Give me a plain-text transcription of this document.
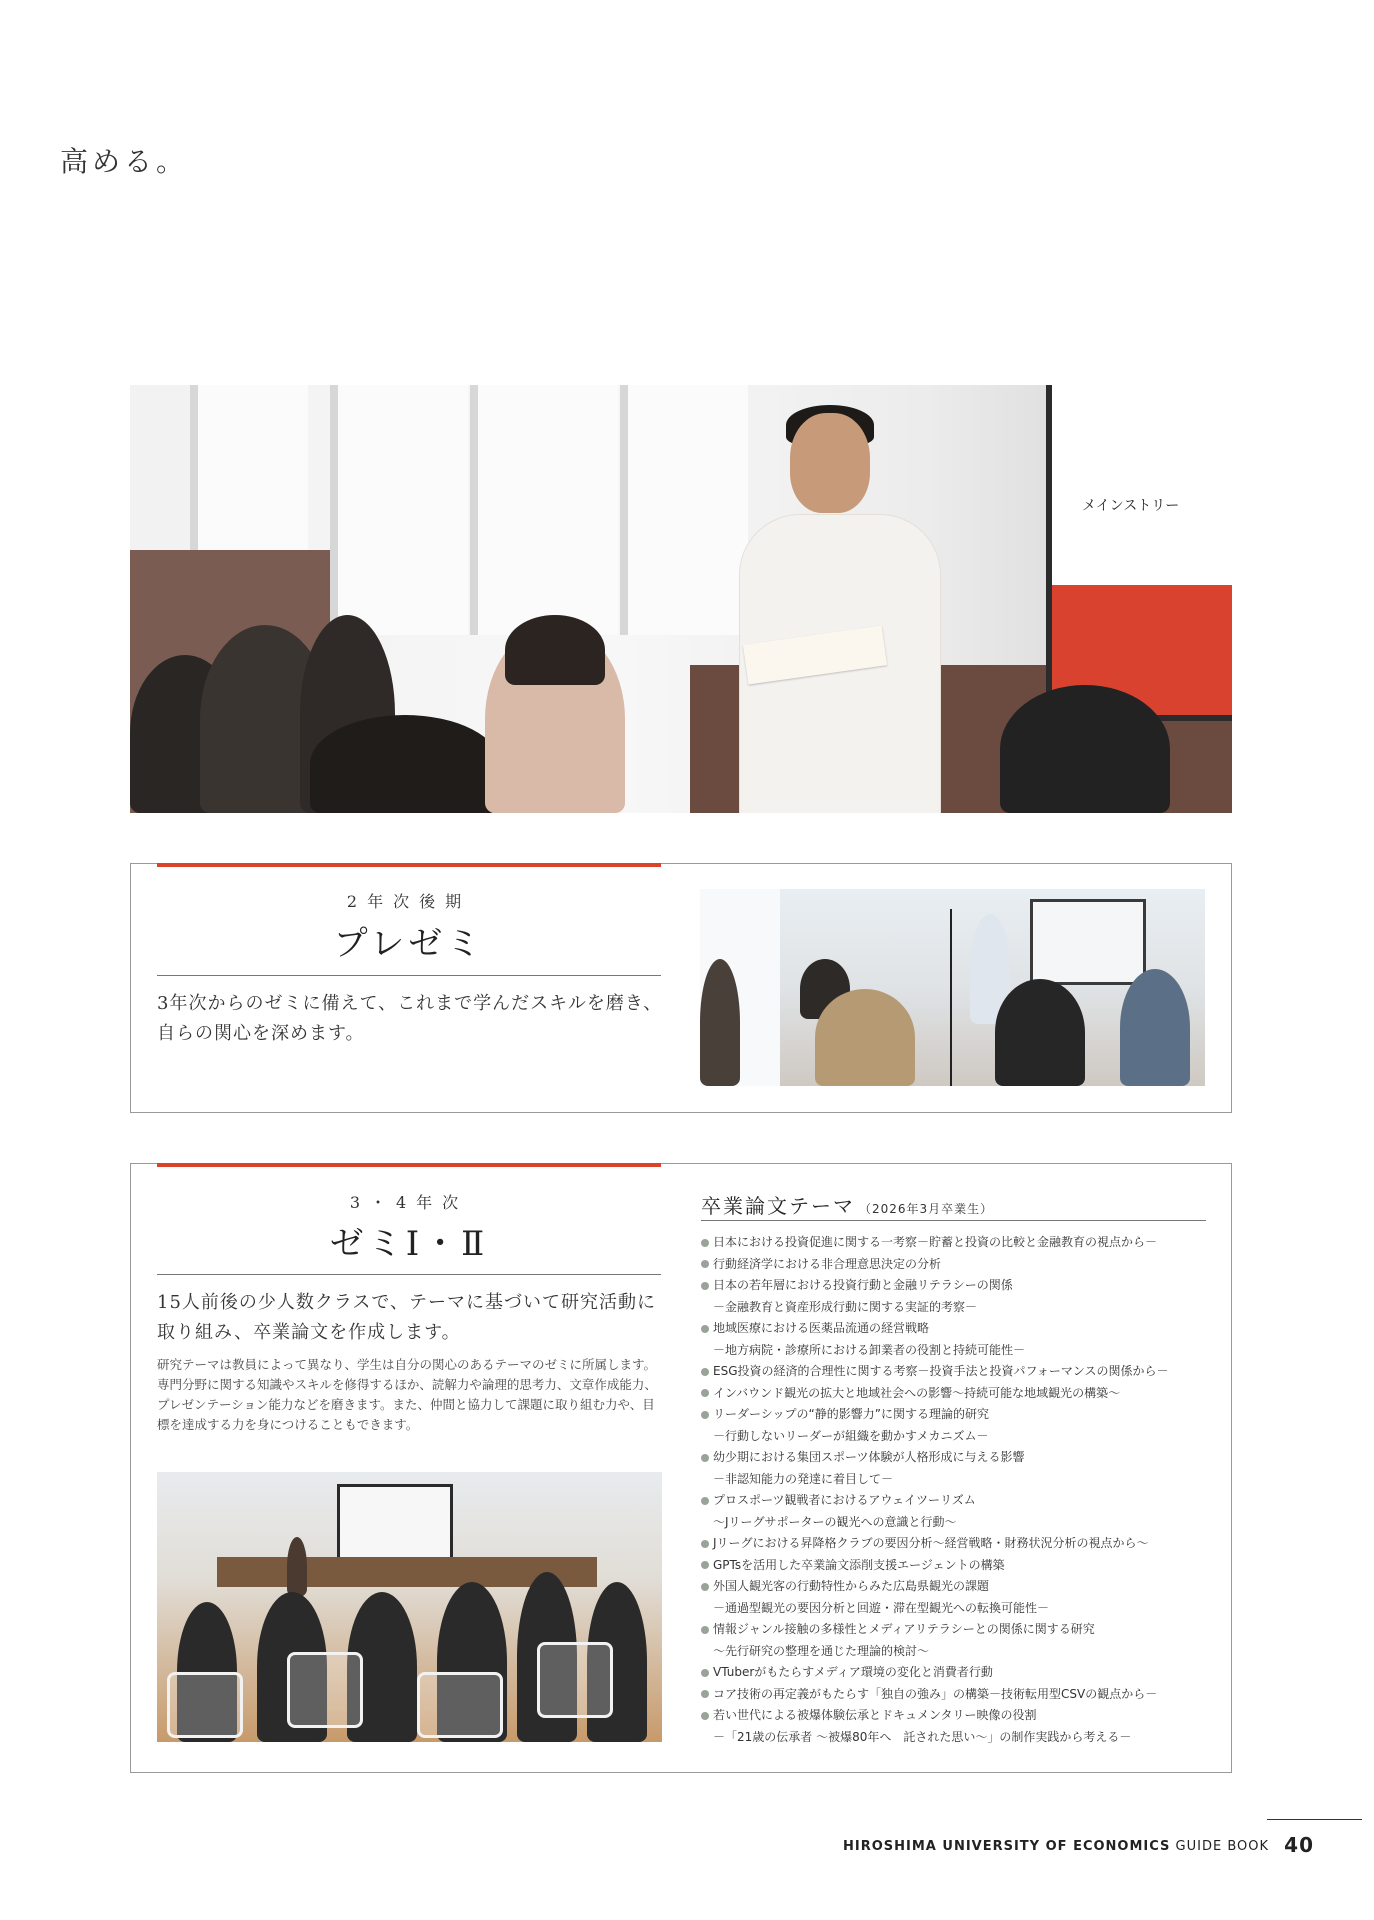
高める。
メインストリー
2年次後期
プレゼミ
3年次からのゼミに備えて、これまで学んだスキルを磨き、自らの関心を深めます。
3・4年次
ゼミⅠ・Ⅱ
15人前後の少人数クラスで、テーマに基づいて研究活動に取り組み、卒業論文を作成します。
研究テーマは教員によって異なり、学生は自分の関心のあるテーマのゼミに所属します。専門分野に関する知識やスキルを修得するほか、読解力や論理的思考力、文章作成能力、プレゼンテーション能力などを磨きます。また、仲間と協力して課題に取り組む力や、目標を達成する力を身につけることもできます。
卒業論文テーマ （2026年3月卒業生）
日本における投資促進に関する一考察－貯蓄と投資の比較と金融教育の視点から－
行動経済学における非合理意思決定の分析
日本の若年層における投資行動と金融リテラシーの関係
－金融教育と資産形成行動に関する実証的考察－
地域医療における医薬品流通の経営戦略
－地方病院・診療所における卸業者の役割と持続可能性－
ESG投資の経済的合理性に関する考察－投資手法と投資パフォーマンスの関係から－
インバウンド観光の拡大と地域社会への影響～持続可能な地域観光の構築～
リーダーシップの“静的影響力”に関する理論的研究
－行動しないリーダーが組織を動かすメカニズム－
幼少期における集団スポーツ体験が人格形成に与える影響
－非認知能力の発達に着目して－
プロスポーツ観戦者におけるアウェイツーリズム
～Jリーグサポーターの観光への意識と行動～
Jリーグにおける昇降格クラブの要因分析～経営戦略・財務状況分析の視点から～
GPTsを活用した卒業論文添削支援エージェントの構築
外国人観光客の行動特性からみた広島県観光の課題
－通過型観光の要因分析と回遊・滞在型観光への転換可能性－
情報ジャンル接触の多様性とメディアリテラシーとの関係に関する研究
～先行研究の整理を通じた理論的検討～
VTuberがもたらすメディア環境の変化と消費者行動
コア技術の再定義がもたらす「独自の強み」の構築－技術転用型CSVの観点から－
若い世代による被爆体験伝承とドキュメンタリー映像の役割
－「21歳の伝承者 ～被爆80年へ　託された思い～」の制作実践から考える－
HIROSHIMA UNIVERSITY OF ECONOMICS GUIDE BOOK 40
